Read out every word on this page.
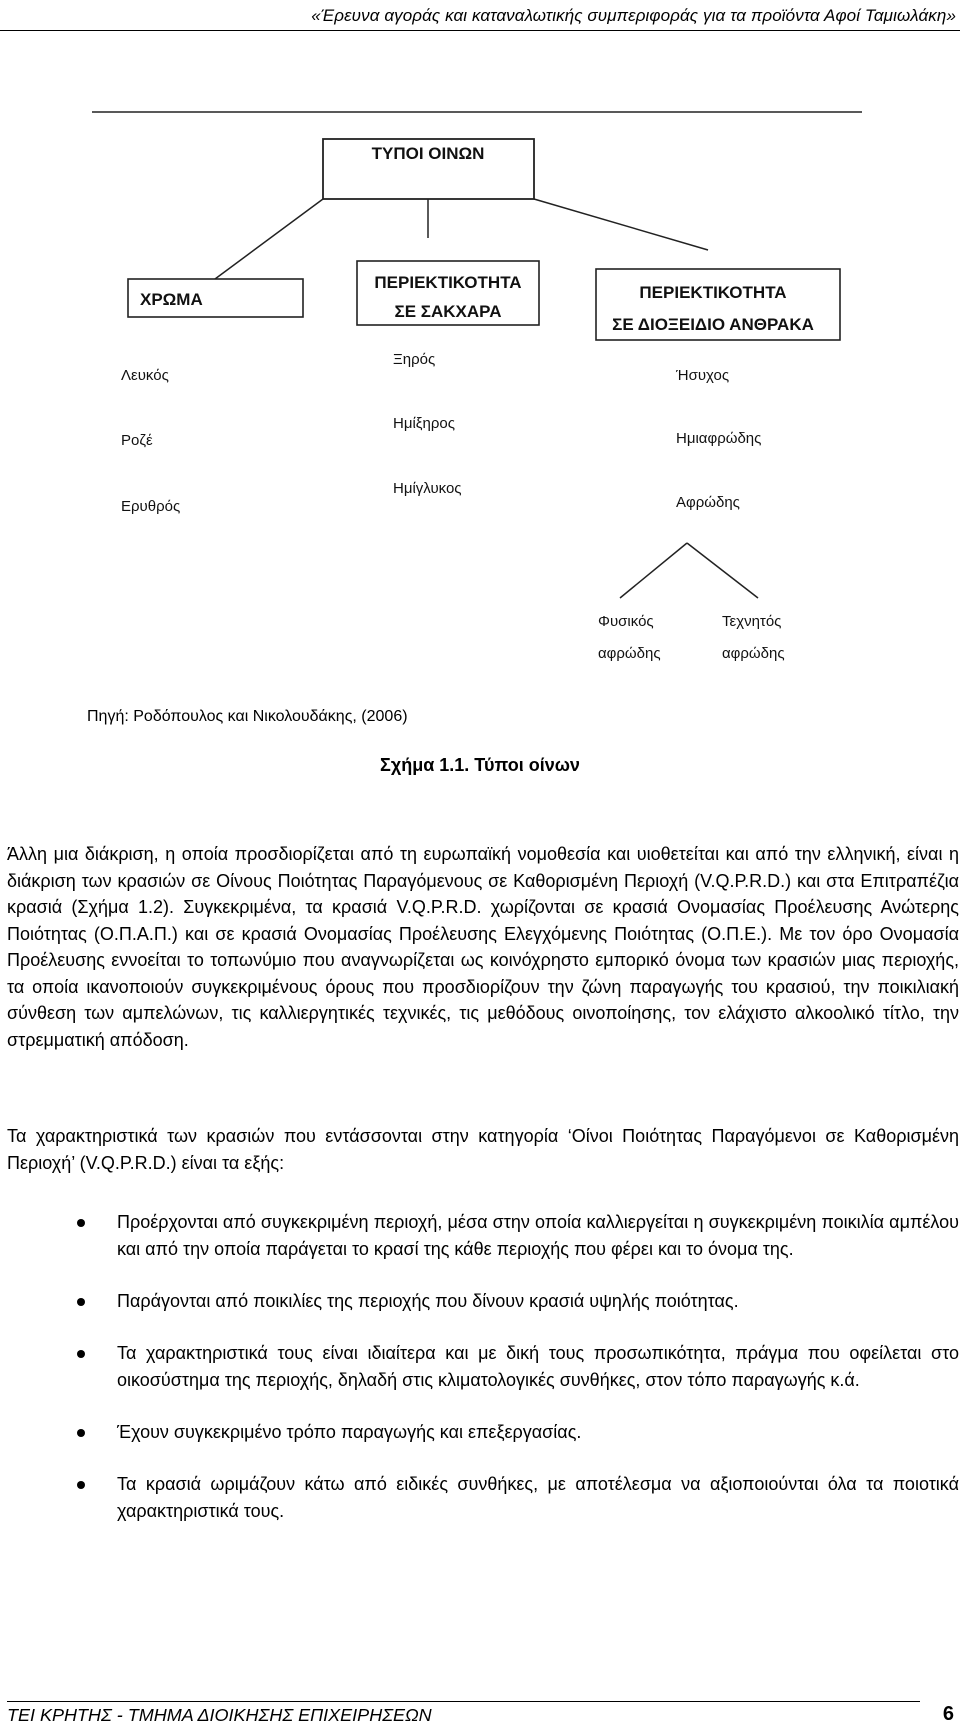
«Έρευνα αγοράς και καταναλωτικής συμπεριφοράς για τα προϊόντα Αφοί Ταμιωλάκη»
ΤΥΠΟΙ ΟΙΝΩΝ
ΧΡΩΜΑ
Λευκός
Ροζέ
Ερυθρός
ΠΕΡΙΕΚΤΙΚΟΤΗΤΑ
ΣΕ ΣΑΚΧΑΡΑ
Ξηρός
Ημίξηρος
Ημίγλυκος
ΠΕΡΙΕΚΤΙΚΟΤΗΤΑ
ΣΕ ΔΙΟΞΕΙΔΙΟ ΑΝΘΡΑΚΑ
Ήσυχος
Ημιαφρώδης
Αφρώδης
Φυσικός
αφρώδης
Τεχνητός
αφρώδης
Πηγή: Ροδόπουλος και Νικολουδάκης, (2006)
Σχήμα 1.1. Τύποι οίνων

Άλλη μια διάκριση, η οποία προσδιορίζεται από τη ευρωπαϊκή νομοθεσία και υιοθετείται και από την ελληνική, είναι η διάκριση των κρασιών σε Οίνους Ποιότητας Παραγόμενους σε Καθορισμένη Περιοχή (V.Q.P.R.D.) και στα Επιτραπέζια κρασιά (Σχήμα 1.2). Συγκεκριμένα, τα κρασιά V.Q.P.R.D. χωρίζονται σε κρασιά Ονομασίας Προέλευσης Ανώτερης Ποιότητας (Ο.Π.Α.Π.) και σε κρασιά Ονομασίας Προέλευσης Ελεγχόμενης Ποιότητας (Ο.Π.Ε.). Με τον όρο Ονομασία Προέλευσης εννοείται το τοπωνύμιο που αναγνωρίζεται ως κοινόχρηστο εμπορικό όνομα των κρασιών μιας περιοχής, τα οποία ικανοποιούν συγκεκριμένους όρους που προσδιορίζουν την ζώνη παραγωγής του κρασιού, την ποικιλιακή σύνθεση των αμπελώνων, τις καλλιεργητικές τεχνικές, τις μεθόδους οινοποίησης, τον ελάχιστο αλκοολικό τίτλο, την στρεμματική απόδοση.

Τα χαρακτηριστικά των κρασιών που εντάσσονται στην κατηγορία ‘Οίνοι Ποιότητας Παραγόμενοι σε Καθορισμένη Περιοχή’ (V.Q.P.R.D.) είναι τα εξής:

Προέρχονται από συγκεκριμένη περιοχή, μέσα στην οποία καλλιεργείται η συγκεκριμένη ποικιλία αμπέλου και από την οποία παράγεται το κρασί της κάθε περιοχής που φέρει και το όνομα της.
Παράγονται από ποικιλίες της περιοχής που δίνουν κρασιά υψηλής ποιότητας.
Τα χαρακτηριστικά τους είναι ιδιαίτερα και με δική τους προσωπικότητα, πράγμα που οφείλεται στο οικοσύστημα της περιοχής, δηλαδή στις κλιματολογικές συνθήκες, στον τόπο παραγωγής κ.ά.
Έχουν συγκεκριμένο τρόπο παραγωγής και επεξεργασίας.
Τα κρασιά ωριμάζουν κάτω από ειδικές συνθήκες, με αποτέλεσμα να αξιοποιούνται όλα τα ποιοτικά χαρακτηριστικά τους.
ΤΕΙ ΚΡΗΤΗΣ - ΤΜΗΜΑ ΔΙΟΙΚΗΣΗΣ ΕΠΙΧΕΙΡΗΣΕΩΝ	6
